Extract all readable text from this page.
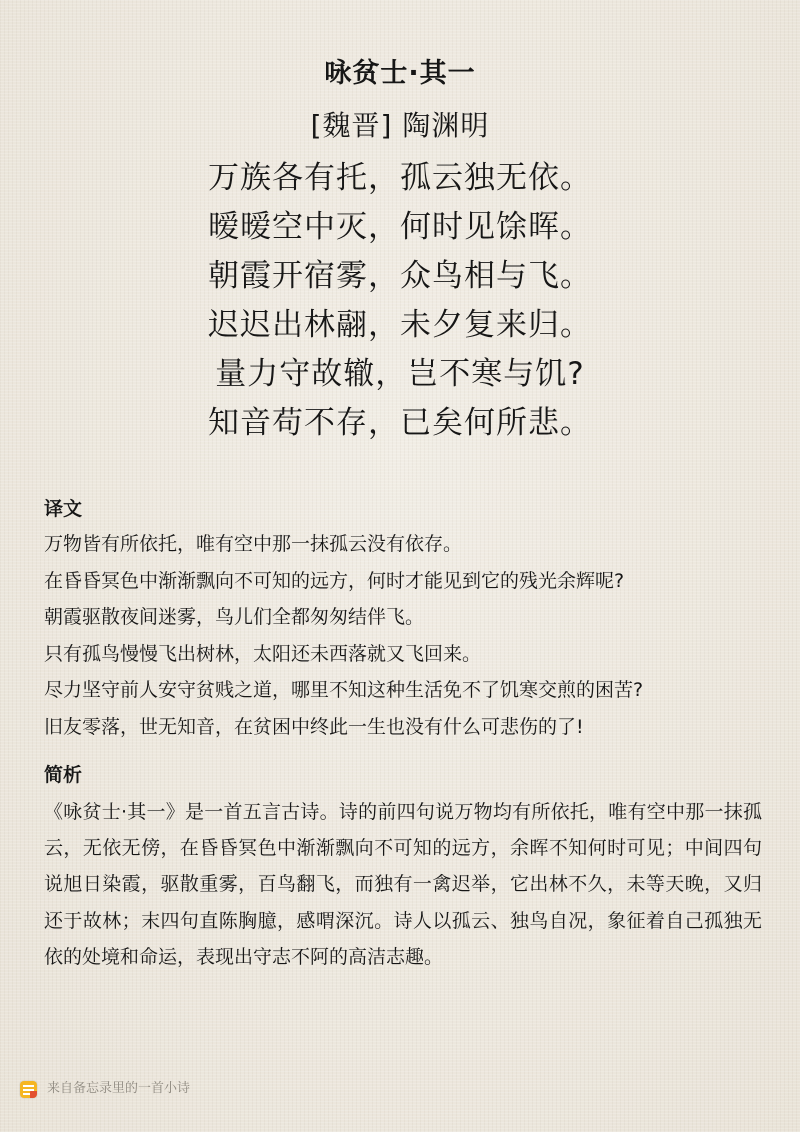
咏贫士·其一
[魏晋] 陶渊明
万族各有托，孤云独无依。
暧暧空中灭，何时见馀晖。
朝霞开宿雾，众鸟相与飞。
迟迟出林翮，未夕复来归。
量力守故辙，岂不寒与饥?
知音苟不存，已矣何所悲。
译文
万物皆有所依托，唯有空中那一抹孤云没有依存。
在昏昏冥色中渐渐飘向不可知的远方，何时才能见到它的残光余辉呢?
朝霞驱散夜间迷雾，鸟儿们全都匆匆结伴飞。
只有孤鸟慢慢飞出树林，太阳还未西落就又飞回来。
尽力坚守前人安守贫贱之道，哪里不知这种生活免不了饥寒交煎的困苦?
旧友零落，世无知音，在贫困中终此一生也没有什么可悲伤的了!
简析
《咏贫士·其一》是一首五言古诗。诗的前四句说万物均有所依托，唯有空中那一抹孤云，无依无傍，在昏昏冥色中渐渐飘向不可知的远方，余晖不知何时可见；中间四句说旭日染霞，驱散重雾，百鸟翻飞，而独有一禽迟举，它出林不久，未等天晚，又归还于故林；末四句直陈胸臆，感喟深沉。诗人以孤云、独鸟自况，象征着自己孤独无依的处境和命运，表现出守志不阿的高洁志趣。
来自备忘录里的一首小诗
